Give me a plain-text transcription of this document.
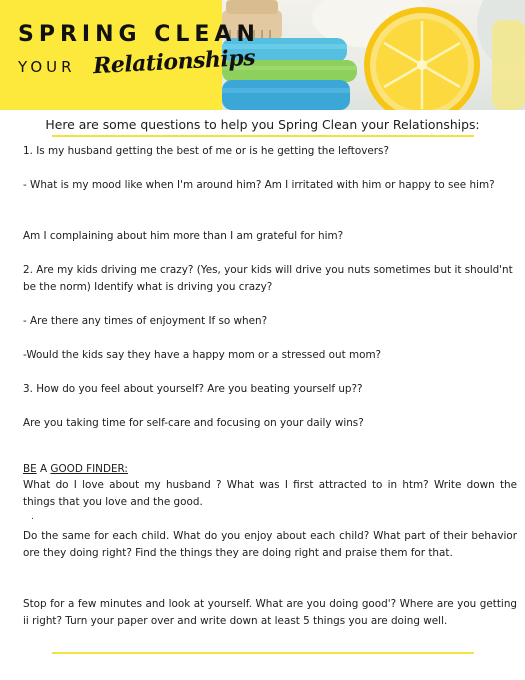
SPRING CLEAN
YOUR Relationships
Here are some questions to help you Spring Clean your Relationships:
1. Is my husband getting the best of me or is he getting the leftovers?
- What is my mood like when I'm around him? Am I irritated with him or happy to see him?
Am I complaining about him more than I am grateful for him?
2. Are my kids driving me crazy? (Yes, your kids will drive you nuts sometimes but it should'nt be the norm) Identify what is driving you crazy?
- Are there any times of enjoyment If so when?
-Would the kids say they have a happy mom or a stressed out mom?
3. How do you feel about yourself? Are you beating yourself up??
Are you taking time for self-care and focusing on your daily wins?
BE A GOOD FINDER:
What do I love about my husband ? What was I first attracted to in htm? Write down the things that you love and the good.
.
Do the same for each child. What do you enjoy about each child? What part of their behavior ore they doing right? Find the things they are doing right and praise them for that.
Stop for a few minutes and look at yourself. What are you doing good'? Where are you getting ii right? Turn your paper over and write down at least 5 things you are doing well.
